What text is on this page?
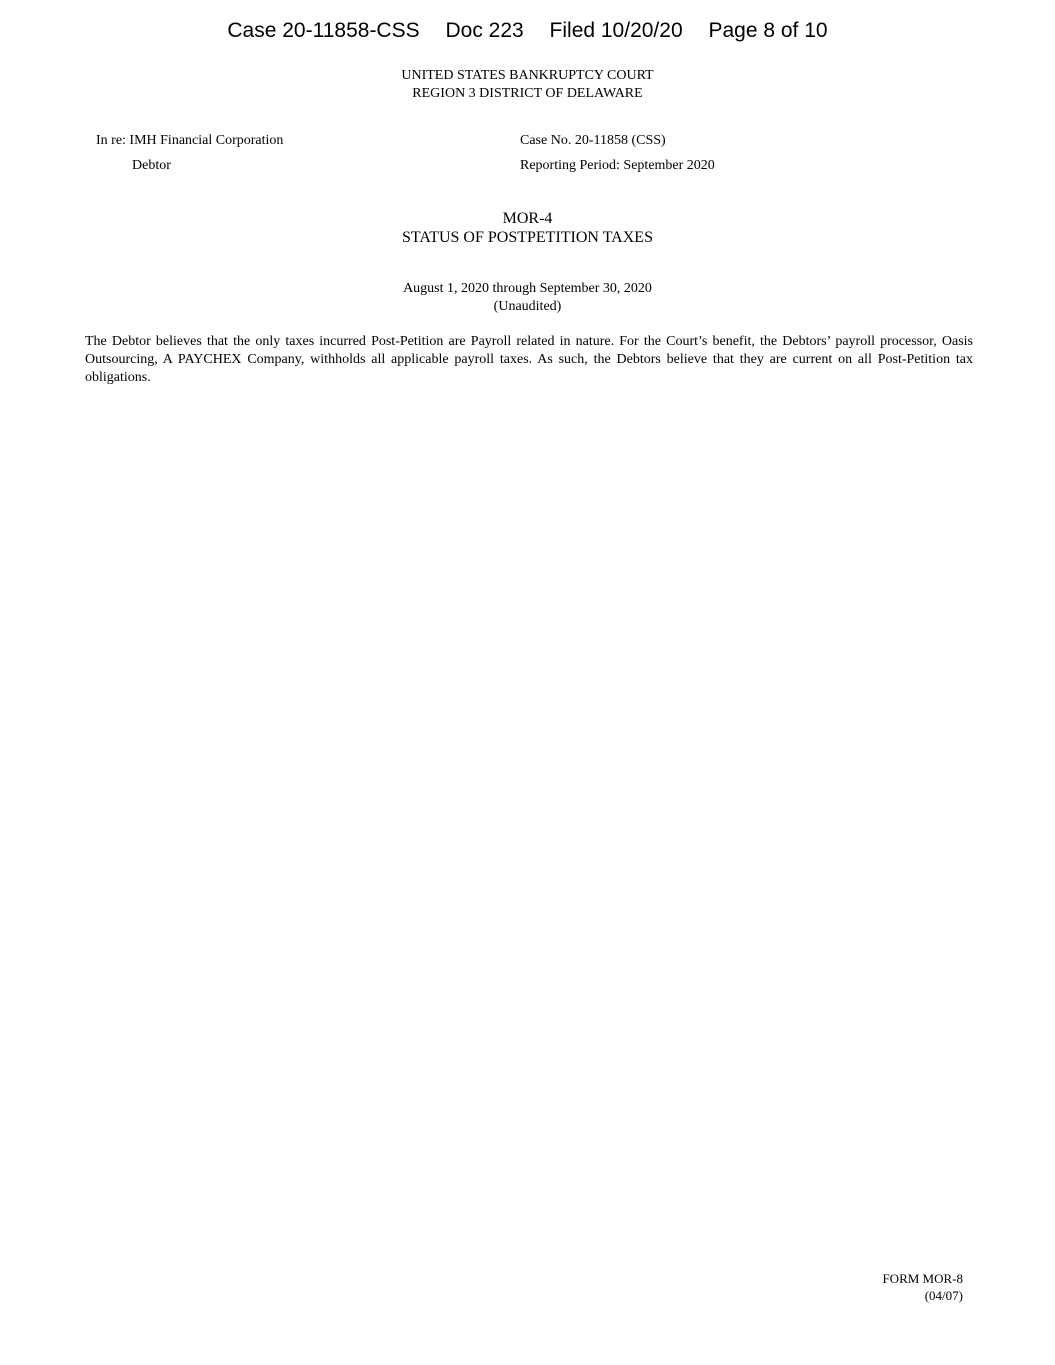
Case 20-11858-CSS Doc 223 Filed 10/20/20 Page 8 of 10
UNITED STATES BANKRUPTCY COURT
REGION 3 DISTRICT OF DELAWARE
In re: IMH Financial Corporation
Debtor
Case No. 20-11858 (CSS)
Reporting Period: September 2020
MOR-4
STATUS OF POSTPETITION TAXES
August 1, 2020 through September 30, 2020
(Unaudited)
The Debtor believes that the only taxes incurred Post-Petition are Payroll related in nature. For the Court’s benefit, the Debtors’ payroll processor, Oasis Outsourcing, A PAYCHEX Company, withholds all applicable payroll taxes. As such, the Debtors believe that they are current on all Post-Petition tax obligations.
FORM MOR-8
(04/07)
